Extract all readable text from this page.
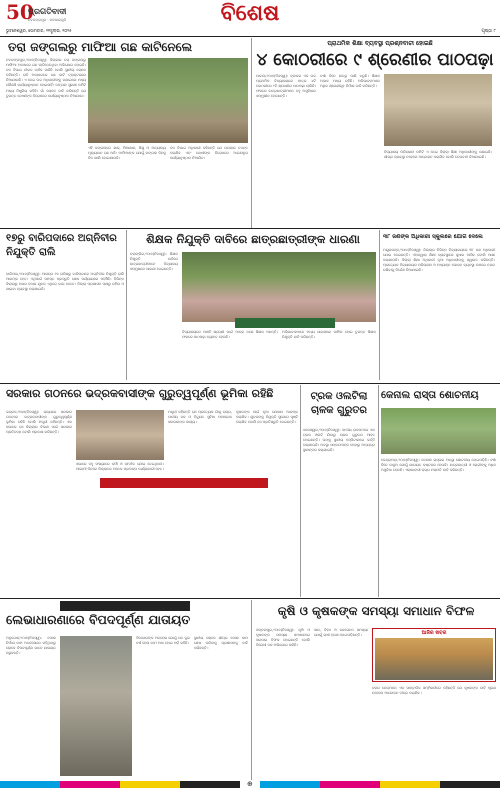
50
ପ୍ରଗତିବାଦୀ
ନବରଙ୍ଗପୁର · ଜଳପାଇଗୁଡି	ବିଶେଷ
ଭୁବନେଶ୍ୱର, ସୋମବାର, ୨୧ଜୁଲାଇ, ୨୦୨୫	ପୃଷ୍ଠା ୮
ତରା ଜଙ୍ଗଲରୁ ମାଫିଆ ଗଛ କାଟିନେଲେ
ନବରଙ୍ଗପୁର,୨୦ା୭(ନିଜସ୍ୱ): ଜିଲ୍ଲାର ତରା ଜଙ୍ଗଲରୁ ମାଫିଆ ଅବାଧରେ ଗଛ କାଟିନେଉଥିବା ଅଭିଯୋଗ ହୋଇଛି। ବନ ବିଭାଗ ନୀରବ ଦର୍ଶକ ସାଜିଛି ବୋଲି ସ୍ଥାନୀୟ ଲୋକେ କହିଛନ୍ତି। ରାତି ଅନ୍ଧାରରେ ଗଛ କାଟି ଟ୍ରାକ୍ଟରରେ ନିଆଯାଉଛି। ଏ ନେଇ ଉଚ୍ଚ ଅଧିକାରୀଙ୍କୁ ଜଣାଇଲେ ମଧ୍ୟ କୌଣସି କାର୍ଯ୍ୟାନୁଷ୍ଠାନ ହୋଇନାହିଁ। ଜଙ୍ଗଲ ସୁରକ୍ଷା କମିଟି ମଧ୍ୟ ନିଷ୍କ୍ରିୟ ରହିଛି। ଗାଁ ଲୋକେ ଦାବି କରିଛନ୍ତି ଯେ ତୁରନ୍ତ ଦୋଷୀଙ୍କ ବିରୋଧରେ କାର୍ଯ୍ୟାନୁଷ୍ଠାନ ନିଆଯାଉ।
ଏହି ଜଙ୍ଗଲରେ ଶାଳ, ପିଆଶାଳ, ଶିଶୁ ଓ ଅନ୍ୟାନ୍ୟ ମୂଲ୍ୟବାନ ଗଛ ଅଛି। ମାଫିଆଙ୍କ ଯୋଗୁଁ ଜଙ୍ଗଲ ଦିନକୁ ଦିନ ଖାଲି ହୋଇଯାଉଛି।
ବନ ବିଭାଗ ଅଧିକାରୀ କହିଛନ୍ତି ଯେ ଘଟଣାର ତଦନ୍ତ କରାଯିବ ଏବଂ ଦୋଷୀଙ୍କ ବିରୋଧରେ ଆଇନାନୁଗ କାର୍ଯ୍ୟାନୁଷ୍ଠାନ ନିଆଯିବ।
ପ୍ରାଥମିକ ଶିକ୍ଷା ବ୍ୟବସ୍ଥା ପ୍ରଶ୍ନବାଚୀ ହୋଇଛି
୪ କୋଠରୀରେ ୯ ଶ୍ରେଣୀର ପାଠପଢ଼ା
ପାଟଣା,୨୦ା୭(ନିଜସ୍ୱ): ବ୍ଲକର ଏକ ଉଚ୍ଚ ପ୍ରାଥମିକ ବିଦ୍ୟାଳୟରେ ମାତ୍ର ୪ଟି କୋଠରୀରେ ୯ଟି ଶ୍ରେଣୀର ପାଠପଢ଼ା ଚାଲିଛି। ଫଳରେ ଛାତ୍ରଛାତ୍ରୀମାନେ ବହୁ ଅସୁବିଧାର ସମ୍ମୁଖୀନ ହେଉଛନ୍ତି।
ବର୍ଷା ଦିନେ ଛାତରୁ ପାଣି ଝରୁଛି। ଶିକ୍ଷକ ଅଭାବ ମଧ୍ୟ ରହିଛି। ଅଭିଭାବକମାନେ ଅଧିକ ଶ୍ରେଣୀଗୃହ ନିର୍ମାଣ ଦାବି କରିଛନ୍ତି।
ବିଦ୍ୟାଳୟ ପରିଚାଳନା କମିଟି ଏ ନେଇ ଜିଲ୍ଲା ଶିକ୍ଷା ଅଧିକାରୀଙ୍କୁ ଜଣାଇଛି। ଶୀଘ୍ର ବ୍ୟବସ୍ଥା ନହେଲେ ଆନ୍ଦୋଳନ କରାଯିବ ବୋଲି ଚେତାବନୀ ଦିଆଯାଇଛି।
୧୭ରୁ ବାରିପଦାରେ ଅଗ୍ନିବୀର ନିଯୁକ୍ତି ରାଲି
ବାରିପଦା,୨୦ା୭(ନିଜସ୍ୱ): ଆସନ୍ତା ୧୭ ତାରିଖରୁ ବାରିପଦାରେ ଅଗ୍ନିବୀର ନିଯୁକ୍ତି ରାଲି ଆରମ୍ଭ ହେବ। ଏଥିପାଇଁ ସମସ୍ତ ପ୍ରସ୍ତୁତି ଶେଷ ପର୍ଯ୍ୟାୟରେ ପହଞ୍ଚିଛି। ବିଭିନ୍ନ ଜିଲ୍ଲାରୁ ହଜାର ହଜାର ଯୁବକ ଏଥିରେ ଭାଗ ନେବେ। ଜିଲ୍ଲା ପ୍ରଶାସନ ପକ୍ଷରୁ ରହିବା ଓ ଖାଇବା ବ୍ୟବସ୍ଥା କରାଯାଇଛି।
ଶିକ୍ଷକ ନିଯୁକ୍ତି ଦାବିରେ ଛାତ୍ରଛାତ୍ରୀଙ୍କ ଧାରଣା
ବଲାଙ୍ଗିର,୨୦ା୭(ନିଜସ୍ୱ): ଶିକ୍ଷକ ନିଯୁକ୍ତି ଦାବିରେ ଛାତ୍ରଛାତ୍ରୀମାନେ ବିଦ୍ୟାଳୟ ସମ୍ମୁଖରେ ଧାରଣା ଦେଇଛନ୍ତି।
ବିଦ୍ୟାଳୟରେ ପାଞ୍ଚଟି ଶ୍ରେଣୀ ପାଇଁ ମାତ୍ର ଜଣେ ଶିକ୍ଷକ ଅଛନ୍ତି। ଫଳରେ ପାଠପଢ଼ା ବ୍ୟାହତ ହେଉଛି।
ଅଭିଭାବକମାନେ ମଧ୍ୟ ଧାରଣାରେ ସାମିଲ ହୋଇ ତୁରନ୍ତ ଶିକ୍ଷକ ନିଯୁକ୍ତି ଦାବି କରିଛନ୍ତି।
୩୮ ଜଣଙ୍କ ଅଧିକାରୀ ସ୍କୁଲରେ ଯୋଗ ଦେଲେ
ମୟୂରଭଞ୍ଜ,୨୦ା୭(ନିଜସ୍ୱ): ଜିଲ୍ଲାର ବିଭିନ୍ନ ବିଦ୍ୟାଳୟରେ ୩୮ ଜଣ ଅଧିକାରୀ ଯୋଗ ଦେଇଛନ୍ତି। ଏହାଦ୍ୱାରା ଶିକ୍ଷା ବ୍ୟବସ୍ଥାରେ ସୁଧାର ଆସିବ ବୋଲି ଆଶା କରାଯାଉଛି। ଜିଲ୍ଲା ଶିକ୍ଷା ଅଧିକାରୀ ନୂଆ ଅଧିକାରୀଙ୍କୁ ସ୍ୱାଗତ କରିଛନ୍ତି। ପ୍ରତ୍ୟେକ ବିଦ୍ୟାଳୟର ପରିଚାଳନା ଓ ମଧ୍ୟାହ୍ନ ଭୋଜନ ବ୍ୟବସ୍ଥା ଉପରେ ନଜର ରଖିବାକୁ ନିର୍ଦ୍ଦେଶ ଦିଆଯାଇଛି।
ସରକାର ଗଠନରେ ଭଦ୍ରକବାସୀଙ୍କ ଗୁରୁତ୍ୱପୂର୍ଣ୍ଣ ଭୂମିକା ରହିଛି
ଭଦ୍ରକ,୨୦ା୭(ନିଜସ୍ୱ): ରାଜ୍ୟରେ ସରକାର ଗଠନରେ ଭଦ୍ରକବାସୀଙ୍କ ଗୁରୁତ୍ୱପୂର୍ଣ୍ଣ ଭୂମିକା ରହିଛି ବୋଲି ମନ୍ତ୍ରୀ କହିଛନ୍ତି। ଏକ ସଭାରେ ସେ ଜିଲ୍ଲାର ବିକାଶ ପାଇଁ ସରକାର ପ୍ରତିବଦ୍ଧ ବୋଲି ପ୍ରକାଶ କରିଛନ୍ତି।
ସଭାରେ ବହୁ ସଂଖ୍ୟାରେ କର୍ମୀ ଓ ସମର୍ଥକ ଯୋଗ ଦେଇଥିଲେ। ଆଗାମୀ ଦିନରେ ଜିଲ୍ଲାରେ ଅନେକ ପ୍ରକଳ୍ପ କାର୍ଯ୍ୟକାରୀ ହେବ।
ମନ୍ତ୍ରୀ କହିଛନ୍ତି ଯେ ପ୍ରତ୍ୟେକ ଗାଁକୁ ରାସ୍ତା, ପାନୀୟ ଜଳ ଓ ବିଦ୍ୟୁତ ସୁବିଧା ପହଞ୍ଚାଇବା ସରକାରଙ୍କ ଲକ୍ଷ୍ୟ।
କୃଷକଙ୍କ ପାଇଁ ନୂଆ ଯୋଜନା ଆରମ୍ଭ କରାଯିବ। ଯୁବକଙ୍କୁ ନିଯୁକ୍ତି ସୁଯୋଗ ସୃଷ୍ଟି କରାଯିବ ବୋଲି ସେ ପ୍ରତିଶ୍ରୁତି ଦେଇଛନ୍ତି।
ଟ୍ରକ ଓଲଟିଲା ଚାଳକ ଗୁରୁତର
ଜଳେଶ୍ୱର,୨୦ା୭(ନିଜସ୍ୱ): ଜାତୀୟ ରାଜପଥରେ ଏକ ଟ୍ରକ ଓଲଟି ଯିବାରୁ ଚାଳକ ଗୁରୁତର ଆହତ ହୋଇଛନ୍ତି। ତାଙ୍କୁ ସ୍ଥାନୀୟ ହସ୍ପିଟାଲରେ ଭର୍ତ୍ତି କରାଯାଇଛି। ଅବସ୍ଥା ସଙ୍କଟାପନ୍ନ ହେବାରୁ ଅନ୍ୟତ୍ର ସ୍ଥାନାନ୍ତର କରାଯାଇଛି।
କେନାଲ ରାସ୍ତା ଶୋଚନୀୟ
କେନ୍ଦ୍ରାପଡ଼ା,୨୦ା୭(ନିଜସ୍ୱ): କେନାଲ ରାସ୍ତାର ଅବସ୍ଥା ଶୋଚନୀୟ ହୋଇପଡ଼ିଛି। ବର୍ଷା ଦିନେ କାଦୁଅ ଯୋଗୁଁ ଯାତାୟତ କଷ୍ଟକର ହେଉଛି। ଛାତ୍ରଛାତ୍ରୀ ଓ ରୋଗୀଙ୍କୁ ଅଧିକ ଅସୁବିଧା ହେଉଛି। ଏଲାକାବାସୀ ରାସ୍ତା ମରାମତି ଦାବି କରିଛନ୍ତି।
ଲେଭାଧାରଣାରେ ବିପଦପୂର୍ଣ୍ଣ ଯାତାୟତ
ଅନୁଗୋଳ,୨୦ା୭(ନିଜସ୍ୱ): ପୋଲ ନିର୍ମାଣ କାମ ଅବହେଳାରେ ରହିଥିବାରୁ ଲୋକେ ବିପଦପୂର୍ଣ୍ଣ ଭାବେ ଯାତାୟତ କରୁଛନ୍ତି।
ଠିକାଦାରଙ୍କ ଅବହେଳା ଯୋଗୁଁ ଗତ ଦୁଇ ବର୍ଷ ହେଲା କାମ ଅଧା ହୋଇ ପଡ଼ି ରହିଛି।
ସ୍ଥାନୀୟ ଲୋକେ ଶୀଘ୍ର ପୋଲ କାମ ଶେଷ କରିବାକୁ ପ୍ରଶାସନକୁ ଦାବି କରିଛନ୍ତି।
କୃଷି ଓ କୃଷକଙ୍କ ସମସ୍ୟା ସମାଧାନ ବିଫଳ
ସମ୍ବଲପୁର,୨୦ା୭(ନିଜସ୍ୱ): କୃଷି ଓ କୃଷକଙ୍କ ସମସ୍ୟା ସମାଧାନରେ ସରକାର ବିଫଳ ହୋଇଛନ୍ତି ବୋଲି ବିରୋଧୀ ଦଳ ଅଭିଯୋଗ କରିଛି।
ସାର, ବିହନ ଓ ଜଳସେଚନ ସମସ୍ୟା ଯୋଗୁଁ ଚାଷୀ ହତାଶ ହୋଇପଡ଼ିଛନ୍ତି।	ଆଜିର ଖବର
ଦଳର ନେତାମାନେ ଏକ ସାମ୍ବାଦିକ ସମ୍ମିଳନୀରେ କହିଛନ୍ତି ଯେ କୃଷକଙ୍କ ଦାବି ପୂରଣ ନହେଲେ ଆନ୍ଦୋଳନ ତୀବ୍ର କରାଯିବ।
⊕
